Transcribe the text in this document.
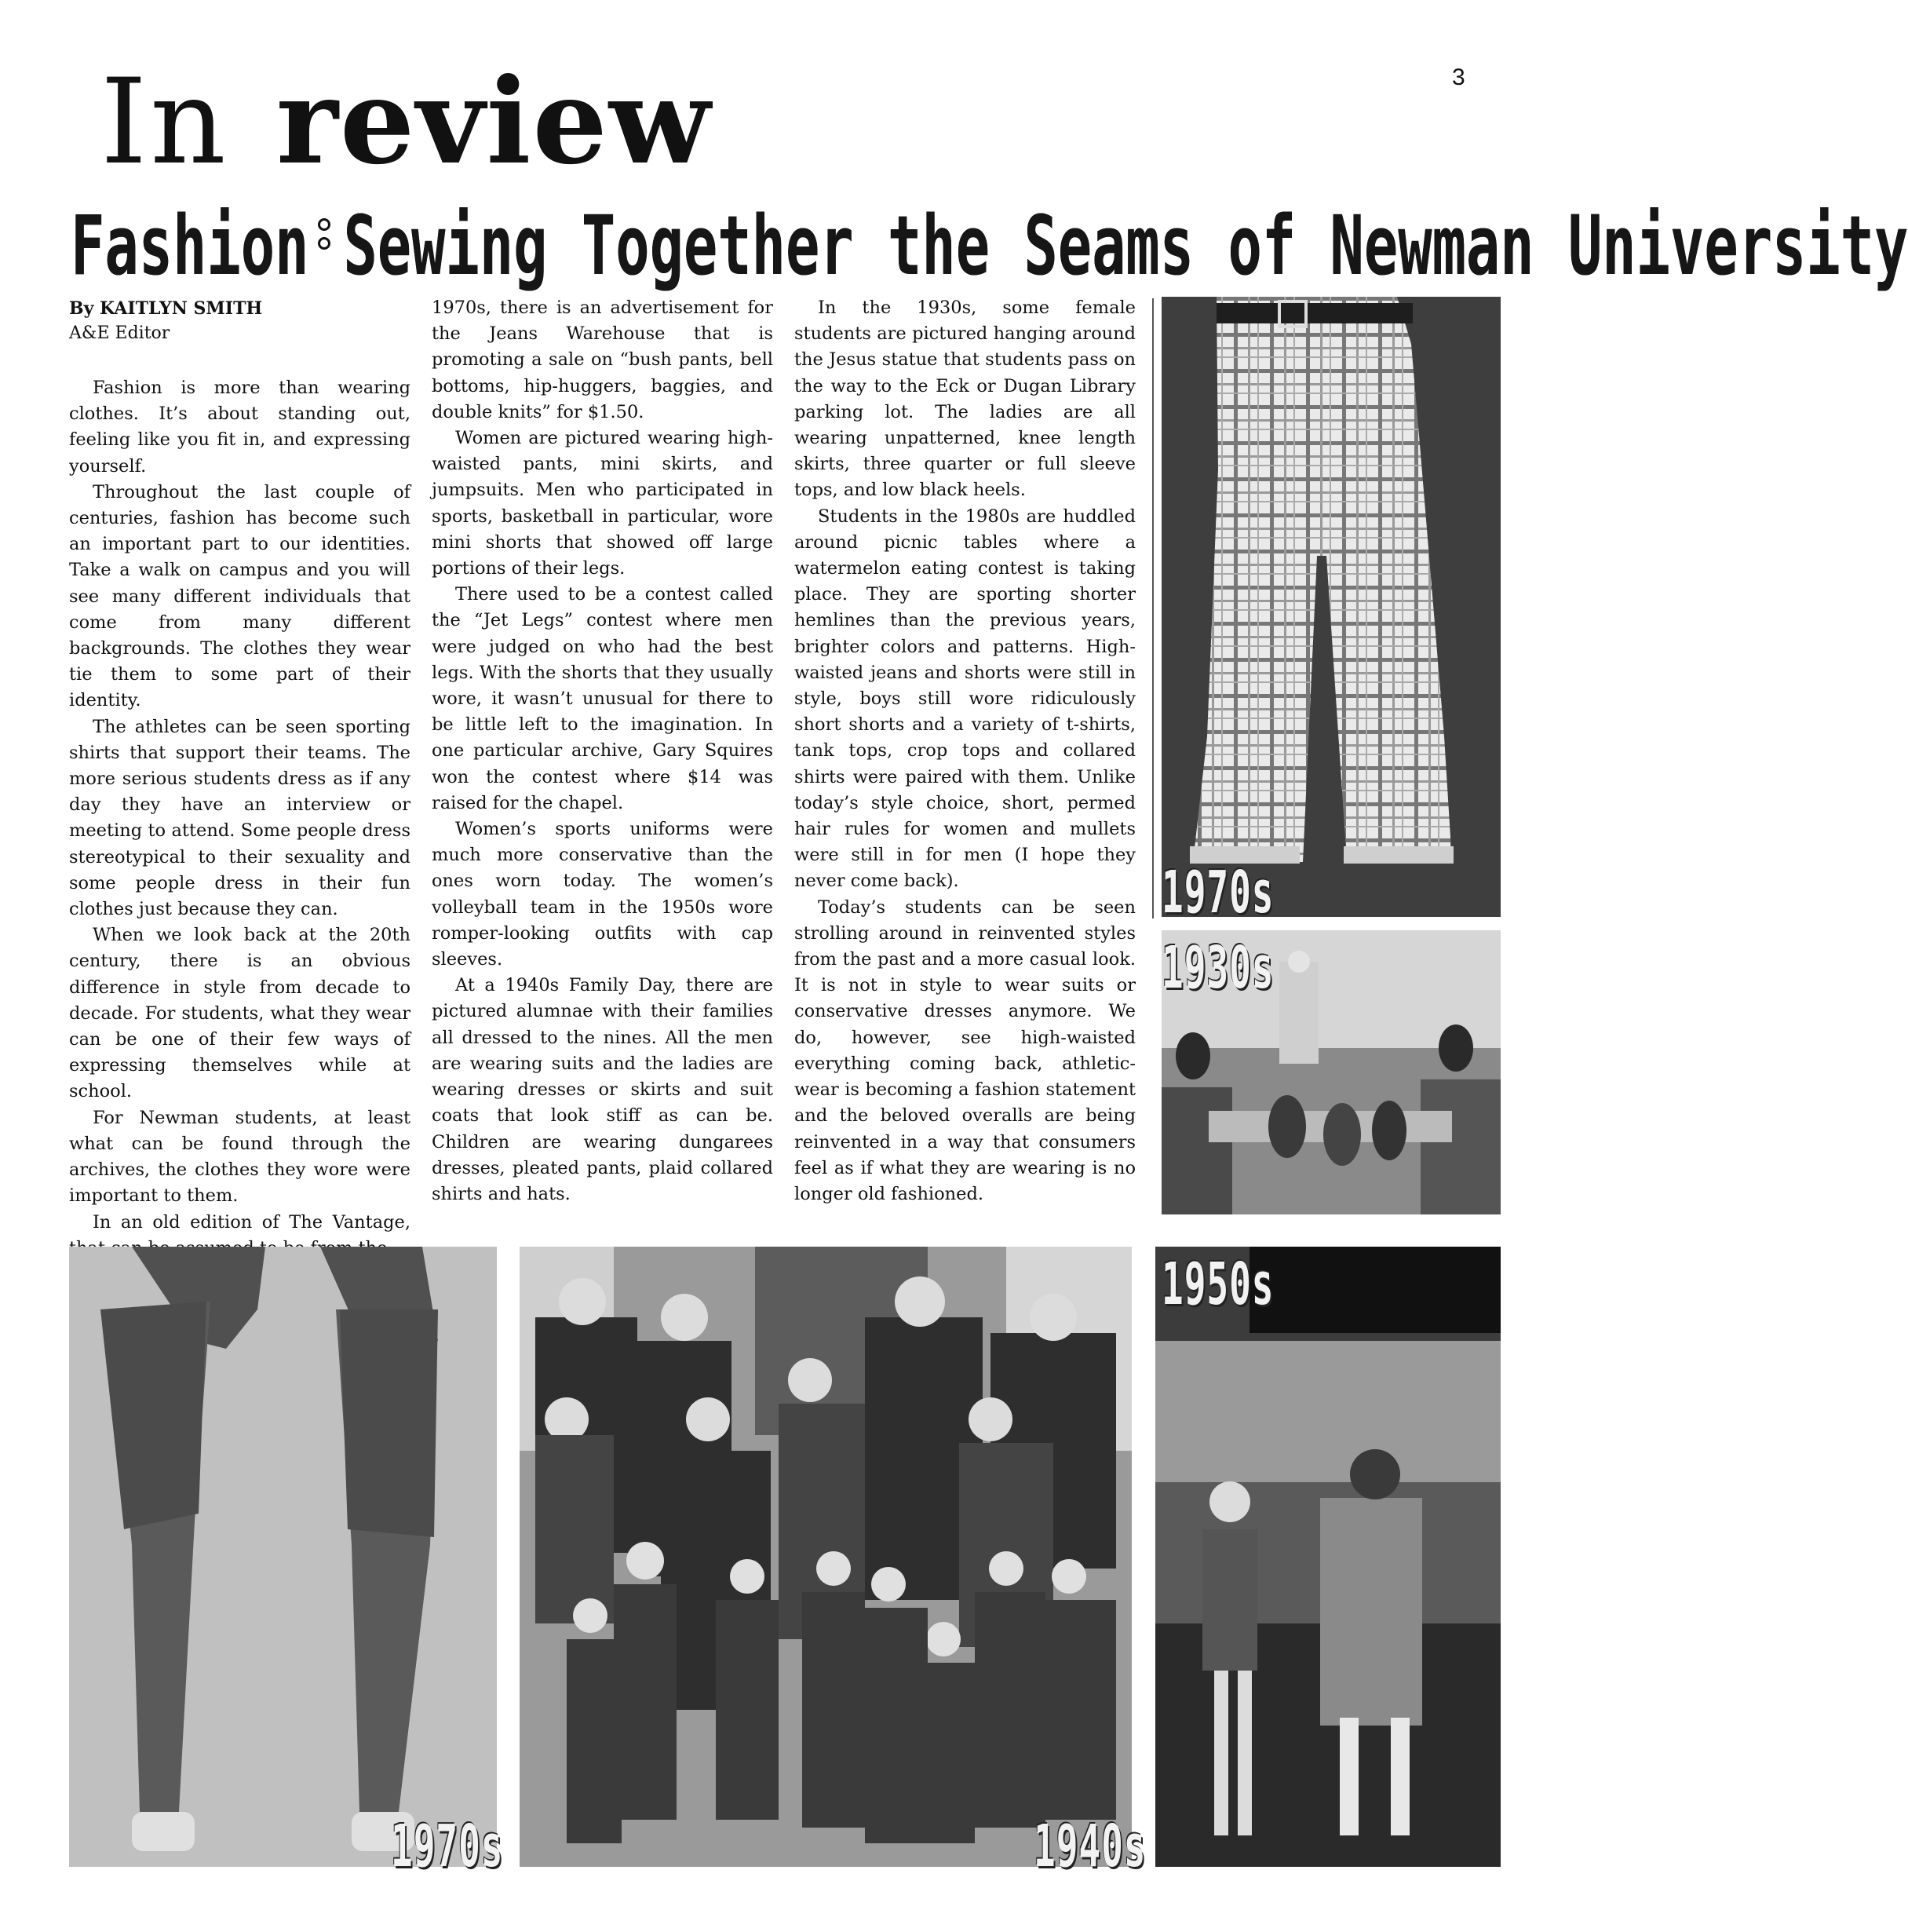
3
In review
Fashion Sewing Together the Seams of Newman University
By KAITLYN SMITH
A&E Editor

Fashion is more than wearing clothes. It’s about standing out, feeling like you fit in, and expressing yourself.

Throughout the last couple of centuries, fashion has become such an important part to our identities. Take a walk on campus and you will see many different individuals that come from many different backgrounds. The clothes they wear tie them to some part of their identity.

The athletes can be seen sporting shirts that support their teams. The more serious students dress as if any day they have an interview or meeting to attend. Some people dress stereotypical to their sexuality and some people dress in their fun clothes just because they can.

When we look back at the 20th century, there is an obvious difference in style from decade to decade. For students, what they wear can be one of their few ways of expressing themselves while at school.

For Newman students, at least what can be found through the archives, the clothes they wore were important to them.

In an old edition of The Vantage,

1970s, there is an advertisement for the Jeans Warehouse that is promoting a sale on “bush pants, bell bottoms, hip-huggers, baggies, and double knits” for $1.50.

Women are pictured wearing high-waisted pants, mini skirts, and jumpsuits. Men who participated in sports, basketball in particular, wore mini shorts that showed off large portions of their legs.

There used to be a contest called the “Jet Legs” contest where men were judged on who had the best legs. With the shorts that they usually wore, it wasn’t unusual for there to be little left to the imagination. In one particular archive, Gary Squires won the contest where $14 was raised for the chapel.

Women’s sports uniforms were much more conservative than the ones worn today. The women’s volleyball team in the 1950s wore romper-looking outfits with cap sleeves.

At a 1940s Family Day, there are pictured alumnae with their families all dressed to the nines. All the men are wearing suits and the ladies are wearing dresses or skirts and suit coats that look stiff as can be. Children are wearing dungarees dresses, pleated pants, plaid collared shirts and hats.

In the 1930s, some female students are pictured hanging around the Jesus statue that students pass on the way to the Eck or Dugan Library parking lot. The ladies are all wearing unpatterned, knee length skirts, three quarter or full sleeve tops, and low black heels.

Students in the 1980s are huddled around picnic tables where a watermelon eating contest is taking place. They are sporting shorter hemlines than the previous years, brighter colors and patterns. High-waisted jeans and shorts were still in style, boys still wore ridiculously short shorts and a variety of t-shirts, tank tops, crop tops and collared shirts were paired with them. Unlike today’s style choice, short, permed hair rules for women and mullets were still in for men (I hope they never come back).

Today’s students can be seen strolling around in reinvented styles from the past and a more casual look. It is not in style to wear suits or conservative dresses anymore. We do, however, see high-waisted everything coming back, athletic-wear is becoming a fashion statement and the beloved overalls are being reinvented in a way that consumers feel as if what they are wearing is no longer old fashioned.

1970s
1930s
1970s	1940s
1950s
